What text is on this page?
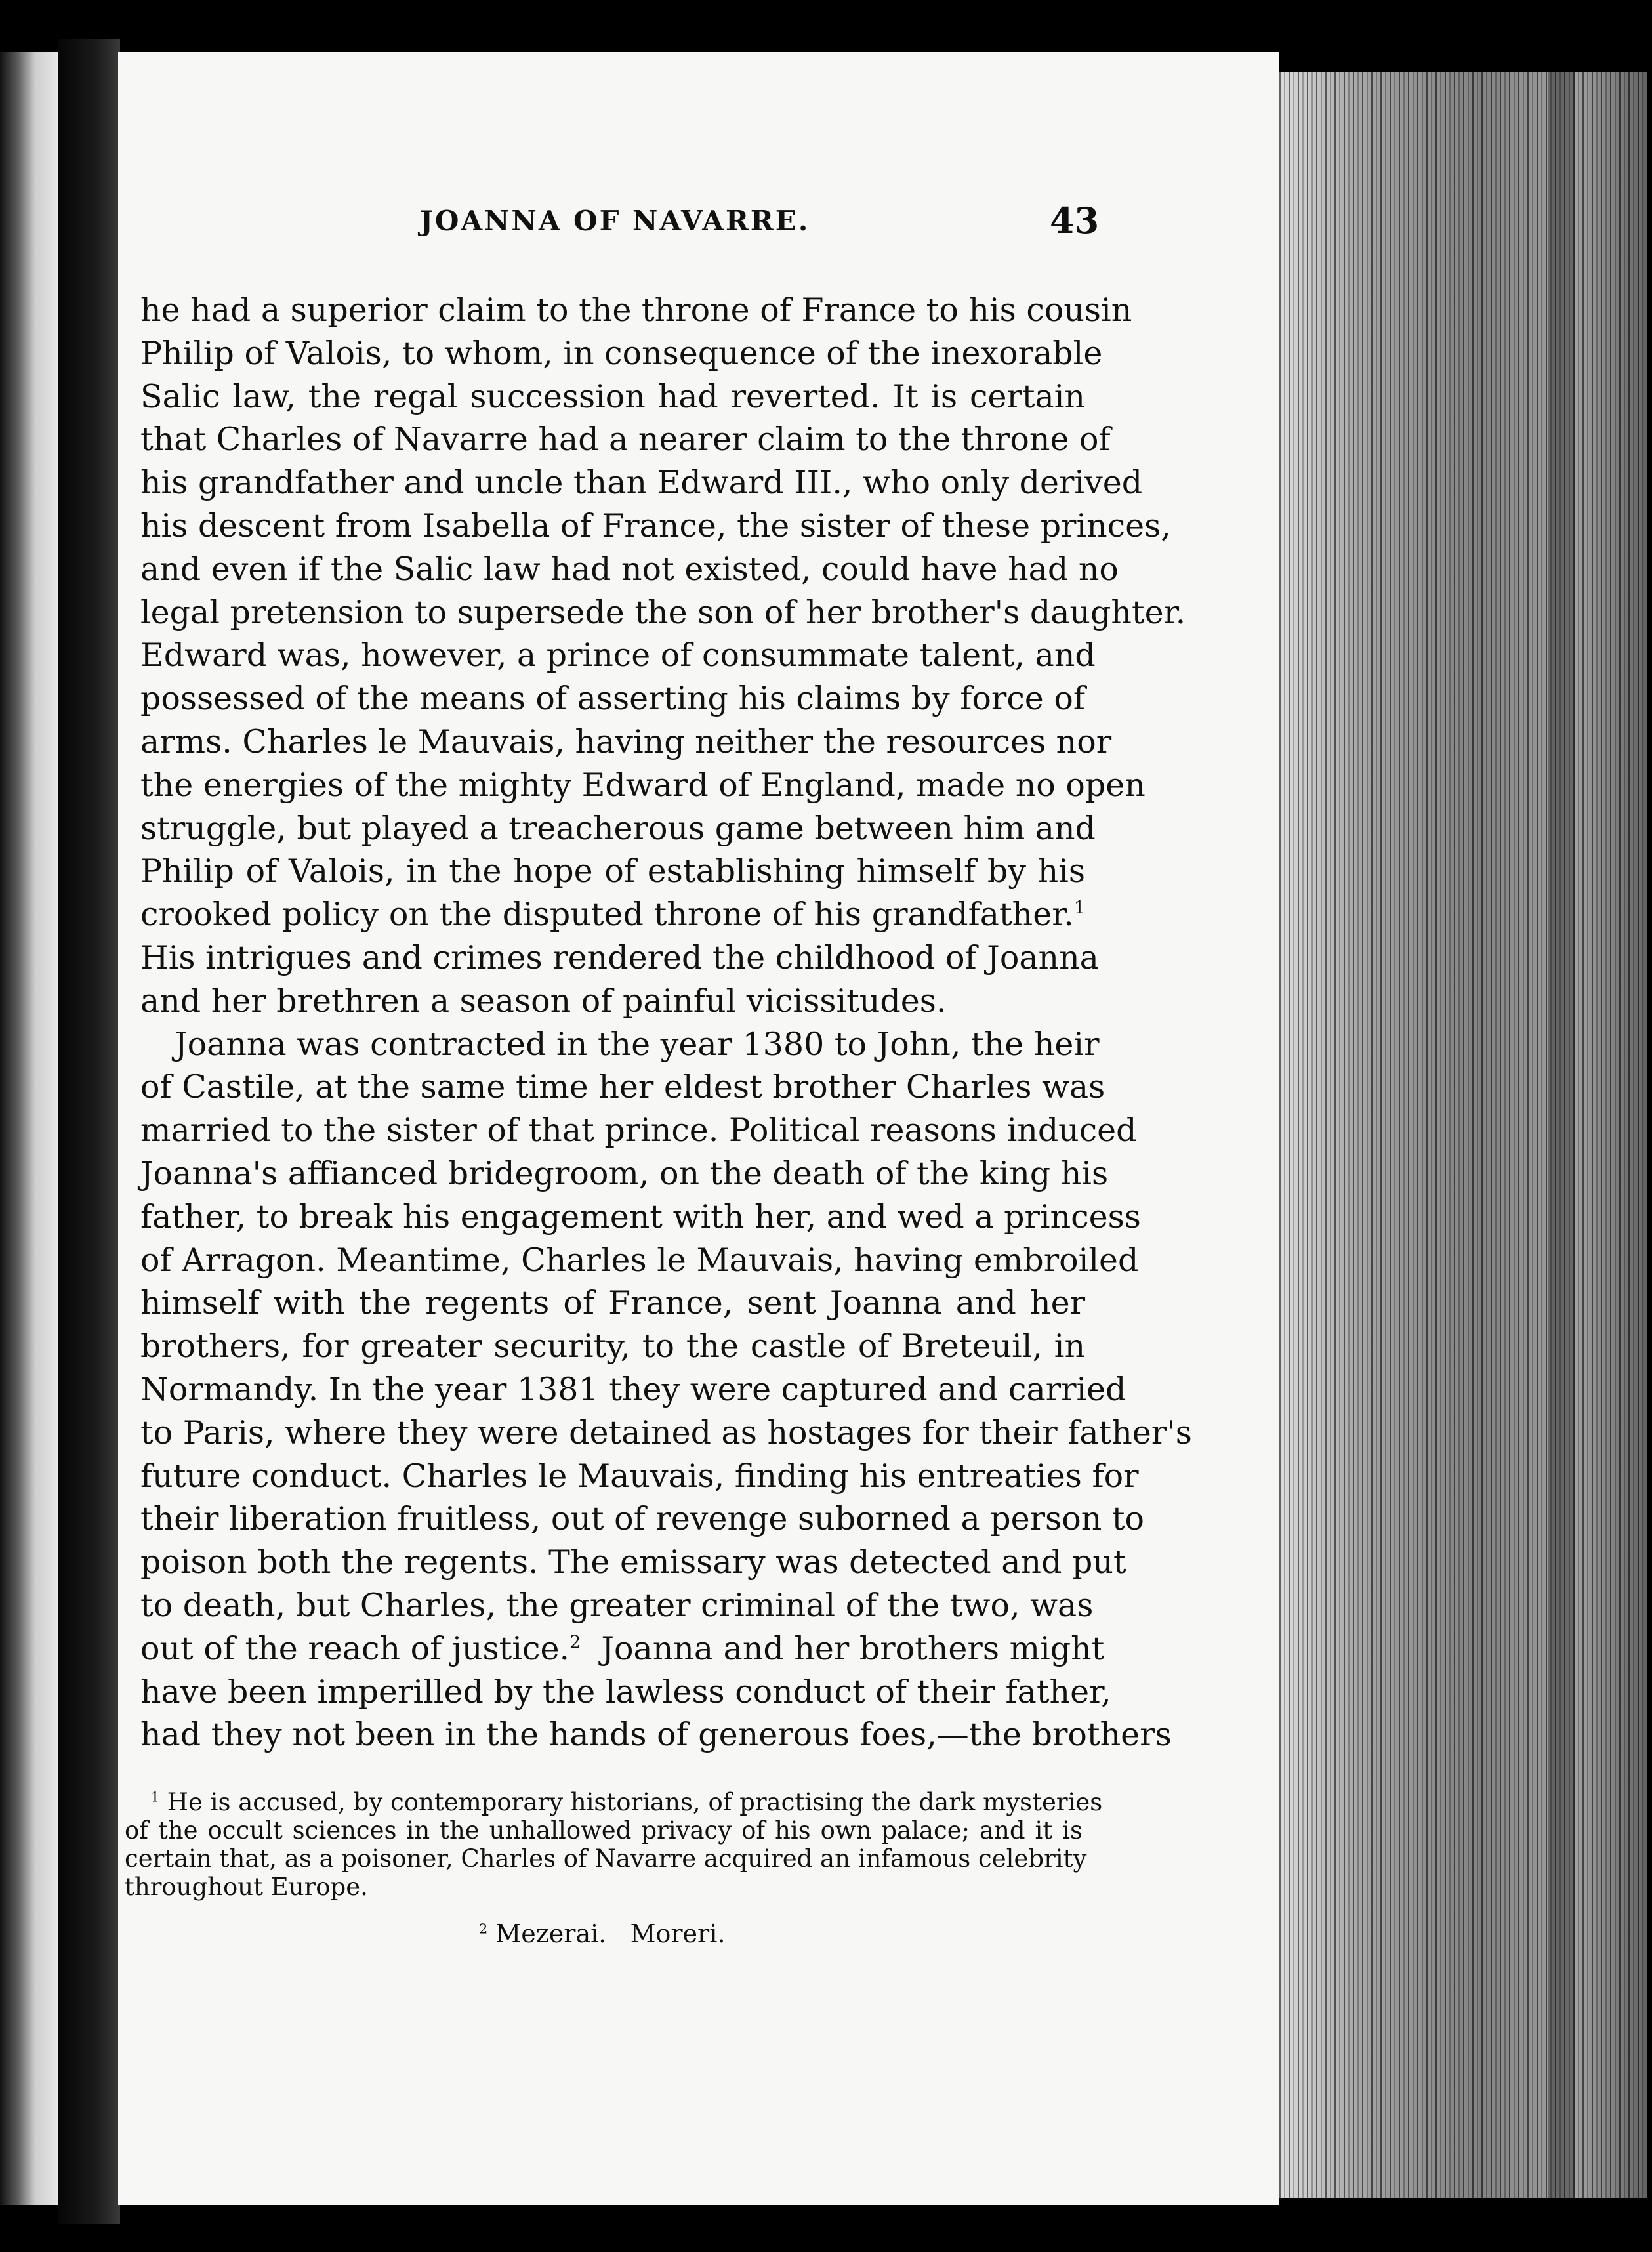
JOANNA OF NAVARRE.	43
he had a superior claim to the throne of France to his cousin
Philip of Valois, to whom, in consequence of the inexorable
Salic law, the regal succession had reverted. It is certain
that Charles of Navarre had a nearer claim to the throne of
his grandfather and uncle than Edward III., who only derived
his descent from Isabella of France, the sister of these princes,
and even if the Salic law had not existed, could have had no
legal pretension to supersede the son of her brother's daughter.
Edward was, however, a prince of consummate talent, and
possessed of the means of asserting his claims by force of
arms. Charles le Mauvais, having neither the resources nor
the energies of the mighty Edward of England, made no open
struggle, but played a treacherous game between him and
Philip of Valois, in the hope of establishing himself by his
crooked policy on the disputed throne of his grandfather.$^1$
His intrigues and crimes rendered the childhood of Joanna
and her brethren a season of painful vicissitudes.
Joanna was contracted in the year 1380 to John, the heir
of Castile, at the same time her eldest brother Charles was
married to the sister of that prince. Political reasons induced
Joanna's affianced bridegroom, on the death of the king his
father, to break his engagement with her, and wed a princess
of Arragon. Meantime, Charles le Mauvais, having embroiled
himself with the regents of France, sent Joanna and her
brothers, for greater security, to the castle of Breteuil, in
Normandy. In the year 1381 they were captured and carried
to Paris, where they were detained as hostages for their father's
future conduct. Charles le Mauvais, finding his entreaties for
their liberation fruitless, out of revenge suborned a person to
poison both the regents. The emissary was detected and put
to death, but Charles, the greater criminal of the two, was
out of the reach of justice.$^2$  Joanna and her brothers might
have been imperilled by the lawless conduct of their father,
had they not been in the hands of generous foes,—the brothers
$^1$ He is accused, by contemporary historians, of practising the dark mysteries
of the occult sciences in the unhallowed privacy of his own palace; and it is
certain that, as a poisoner, Charles of Navarre acquired an infamous celebrity
throughout Europe.
$^2$ Mezerai.   Moreri.
